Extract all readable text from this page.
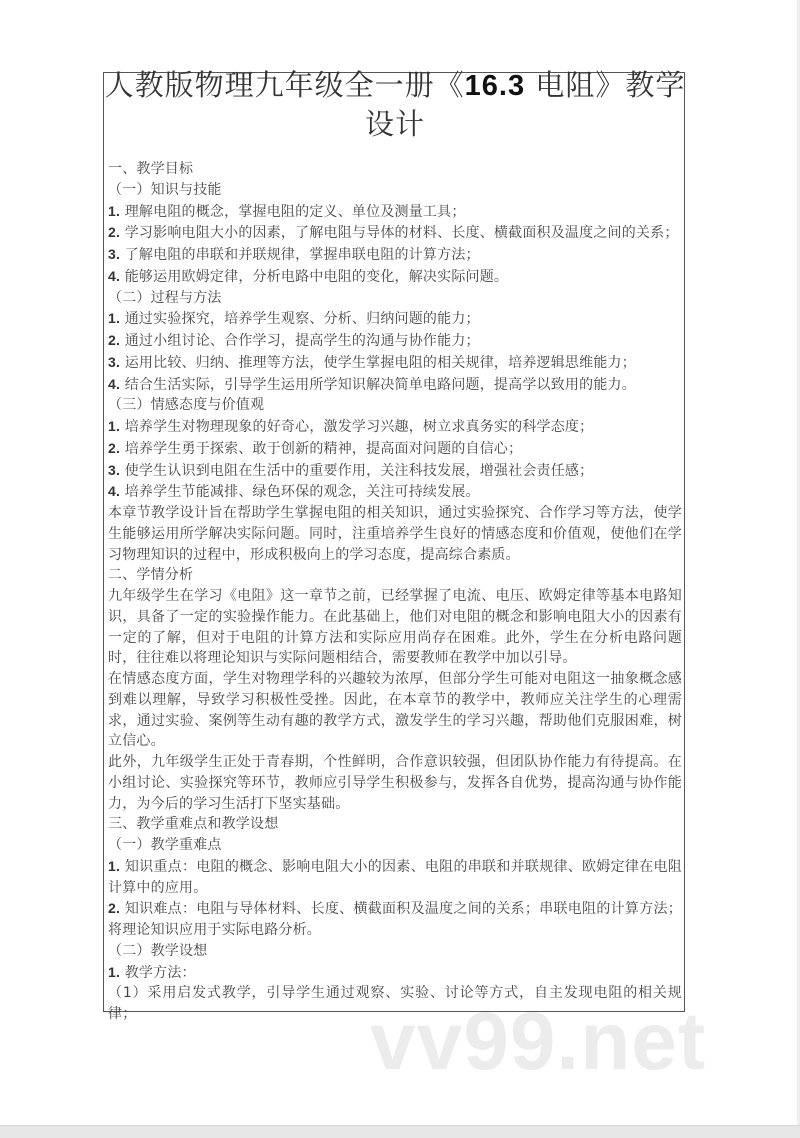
vv99.net
人教版物理九年级全一册《16.3 电阻》教学
设计

一、教学目标

（一）知识与技能

1. 理解电阻的概念，掌握电阻的定义、单位及测量工具；

2. 学习影响电阻大小的因素，了解电阻与导体的材料、长度、横截面积及温度之间的关系；

3. 了解电阻的串联和并联规律，掌握串联电阻的计算方法；

4. 能够运用欧姆定律，分析电路中电阻的变化，解决实际问题。

（二）过程与方法

1. 通过实验探究，培养学生观察、分析、归纳问题的能力；

2. 通过小组讨论、合作学习，提高学生的沟通与协作能力；

3. 运用比较、归纳、推理等方法，使学生掌握电阻的相关规律，培养逻辑思维能力；

4. 结合生活实际，引导学生运用所学知识解决简单电路问题，提高学以致用的能力。

（三）情感态度与价值观

1. 培养学生对物理现象的好奇心，激发学习兴趣，树立求真务实的科学态度；

2. 培养学生勇于探索、敢于创新的精神，提高面对问题的自信心；

3. 使学生认识到电阻在生活中的重要作用，关注科技发展，增强社会责任感；

4. 培养学生节能减排、绿色环保的观念，关注可持续发展。

本章节教学设计旨在帮助学生掌握电阻的相关知识，通过实验探究、合作学习等方法，使学生能够运用所学解决实际问题。同时，注重培养学生良好的情感态度和价值观，使他们在学习物理知识的过程中，形成积极向上的学习态度，提高综合素质。

二、学情分析

九年级学生在学习《电阻》这一章节之前，已经掌握了电流、电压、欧姆定律等基本电路知识，具备了一定的实验操作能力。在此基础上，他们对电阻的概念和影响电阻大小的因素有一定的了解，但对于电阻的计算方法和实际应用尚存在困难。此外，学生在分析电路问题时，往往难以将理论知识与实际问题相结合，需要教师在教学中加以引导。

在情感态度方面，学生对物理学科的兴趣较为浓厚，但部分学生可能对电阻这一抽象概念感到难以理解，导致学习积极性受挫。因此，在本章节的教学中，教师应关注学生的心理需求，通过实验、案例等生动有趣的教学方式，激发学生的学习兴趣，帮助他们克服困难，树立信心。

此外，九年级学生正处于青春期，个性鲜明，合作意识较强，但团队协作能力有待提高。在小组讨论、实验探究等环节，教师应引导学生积极参与，发挥各自优势，提高沟通与协作能力，为今后的学习生活打下坚实基础。

三、教学重难点和教学设想

（一）教学重难点

1. 知识重点：电阻的概念、影响电阻大小的因素、电阻的串联和并联规律、欧姆定律在电阻计算中的应用。

2. 知识难点：电阻与导体材料、长度、横截面积及温度之间的关系；串联电阻的计算方法；将理论知识应用于实际电路分析。

（二）教学设想

1. 教学方法：

（1）采用启发式教学，引导学生通过观察、实验、讨论等方式，自主发现电阻的相关规律；
